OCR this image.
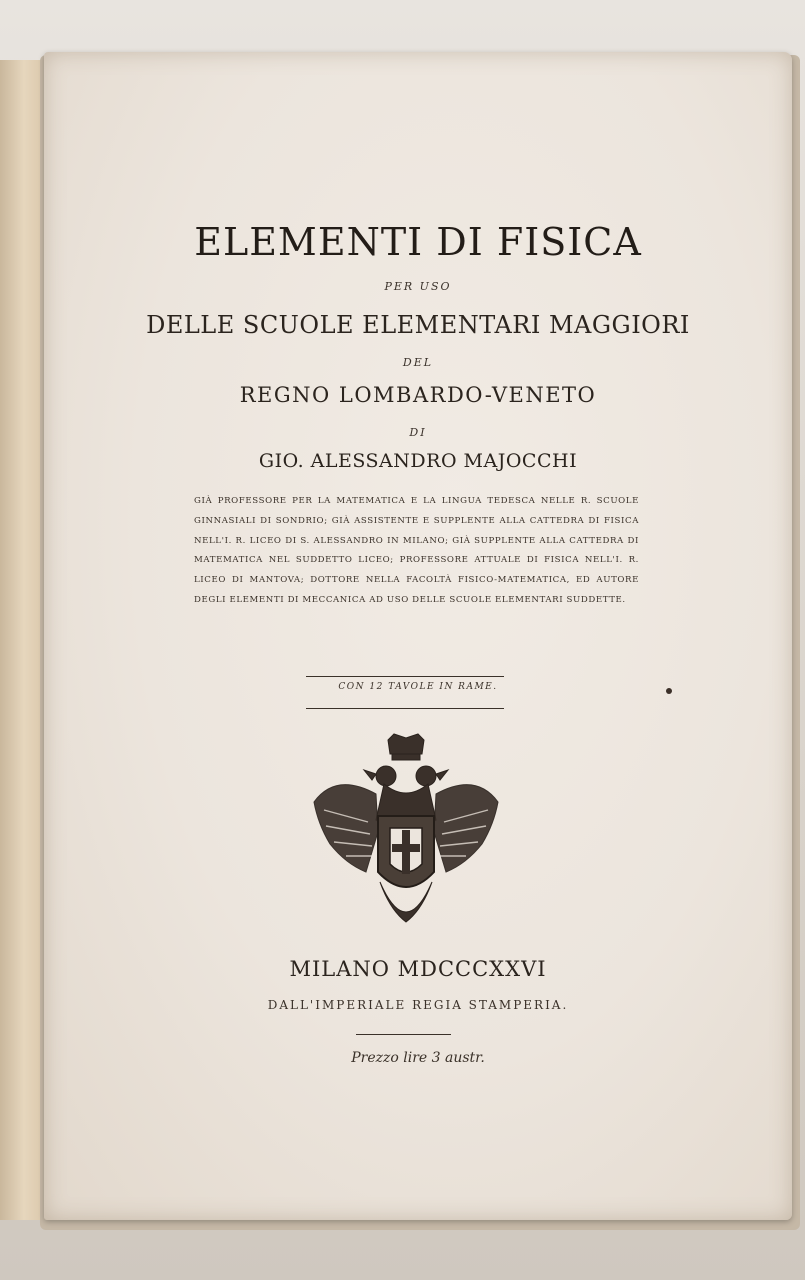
ELEMENTI DI FISICA
PER USO
DELLE SCUOLE ELEMENTARI MAGGIORI
DEL
REGNO LOMBARDO-VENETO
DI
GIO. ALESSANDRO MAJOCCHI
GIÀ PROFESSORE PER LA MATEMATICA E LA LINGUA TEDESCA NELLE R. SCUOLE GINNASIALI DI SONDRIO; GIÀ ASSISTENTE E SUPPLENTE ALLA CATTEDRA DI FISICA NELL'I. R. LICEO DI S. ALESSANDRO IN MILANO; GIÀ SUPPLENTE ALLA CATTEDRA DI MATEMATICA NEL SUDDETTO LICEO; PROFESSORE ATTUALE DI FISICA NELL'I. R. LICEO DI MANTOVA; DOTTORE NELLA FACOLTÀ FISICO-MATEMATICA, ED AUTORE DEGLI ELEMENTI DI MECCANICA AD USO DELLE SCUOLE ELEMENTARI SUDDETTE.
CON 12 TAVOLE IN RAME.
MILANO MDCCCXXVI
DALL'IMPERIALE REGIA STAMPERIA.
Prezzo lire 3 austr.
